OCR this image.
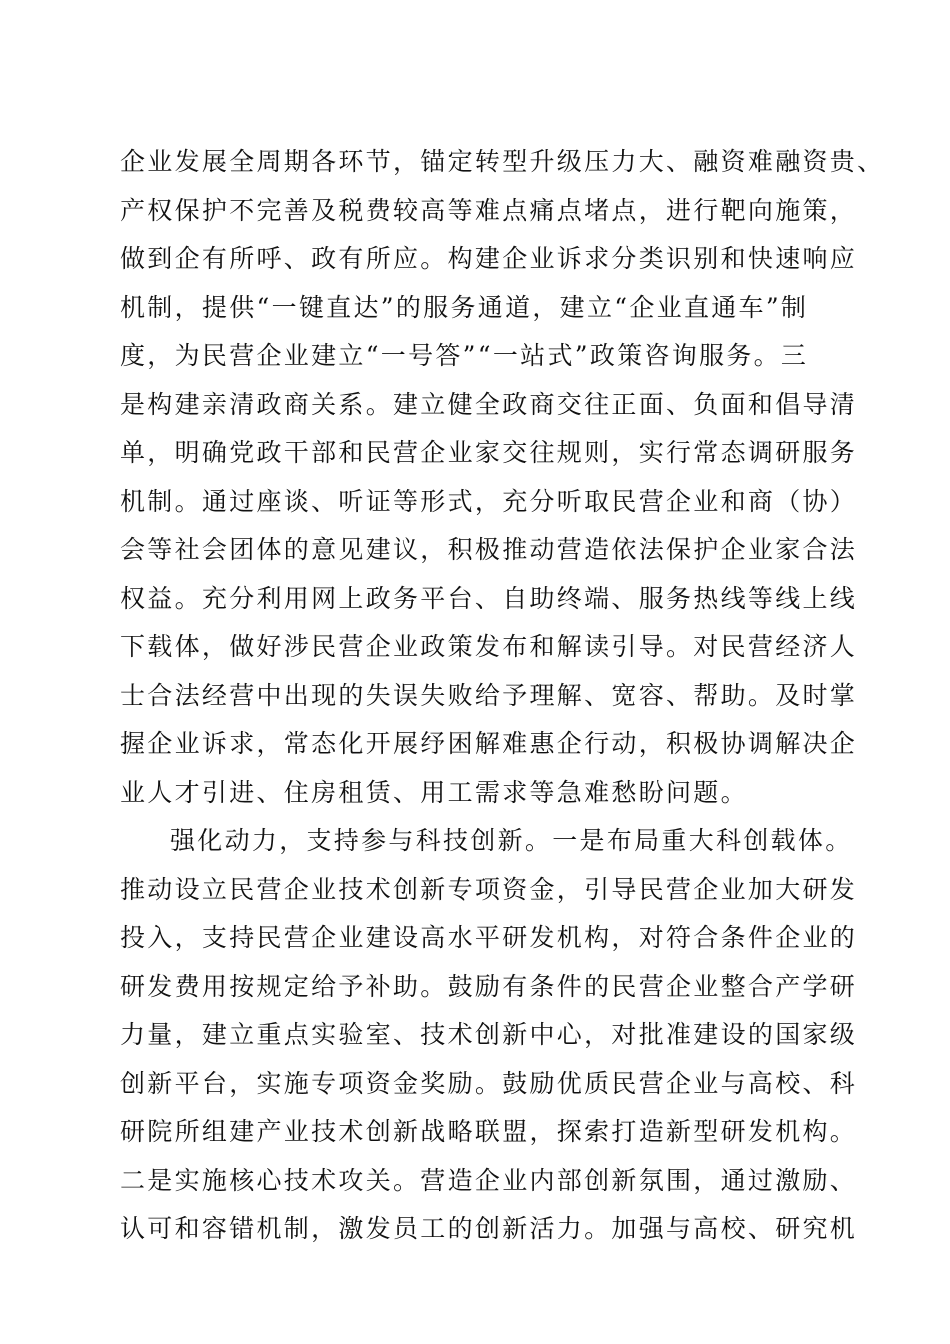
企业发展全周期各环节，锚定转型升级压力大、融资难融资贵、
产权保护不完善及税费较高等难点痛点堵点，进行靶向施策，
做到企有所呼、政有所应。构建企业诉求分类识别和快速响应
机制，提供“一键直达”的服务通道，建立“企业直通车”制
度，为民营企业建立“一号答”“一站式”政策咨询服务。三
是构建亲清政商关系。建立健全政商交往正面、负面和倡导清
单，明确党政干部和民营企业家交往规则，实行常态调研服务
机制。通过座谈、听证等形式，充分听取民营企业和商（协）
会等社会团体的意见建议，积极推动营造依法保护企业家合法
权益。充分利用网上政务平台、自助终端、服务热线等线上线
下载体，做好涉民营企业政策发布和解读引导。对民营经济人
士合法经营中出现的失误失败给予理解、宽容、帮助。及时掌
握企业诉求，常态化开展纾困解难惠企行动，积极协调解决企
业人才引进、住房租赁、用工需求等急难愁盼问题。
强化动力，支持参与科技创新。一是布局重大科创载体。
推动设立民营企业技术创新专项资金，引导民营企业加大研发
投入，支持民营企业建设高水平研发机构，对符合条件企业的
研发费用按规定给予补助。鼓励有条件的民营企业整合产学研
力量，建立重点实验室、技术创新中心，对批准建设的国家级
创新平台，实施专项资金奖励。鼓励优质民营企业与高校、科
研院所组建产业技术创新战略联盟，探索打造新型研发机构。
二是实施核心技术攻关。营造企业内部创新氛围，通过激励、
认可和容错机制，激发员工的创新活力。加强与高校、研究机
